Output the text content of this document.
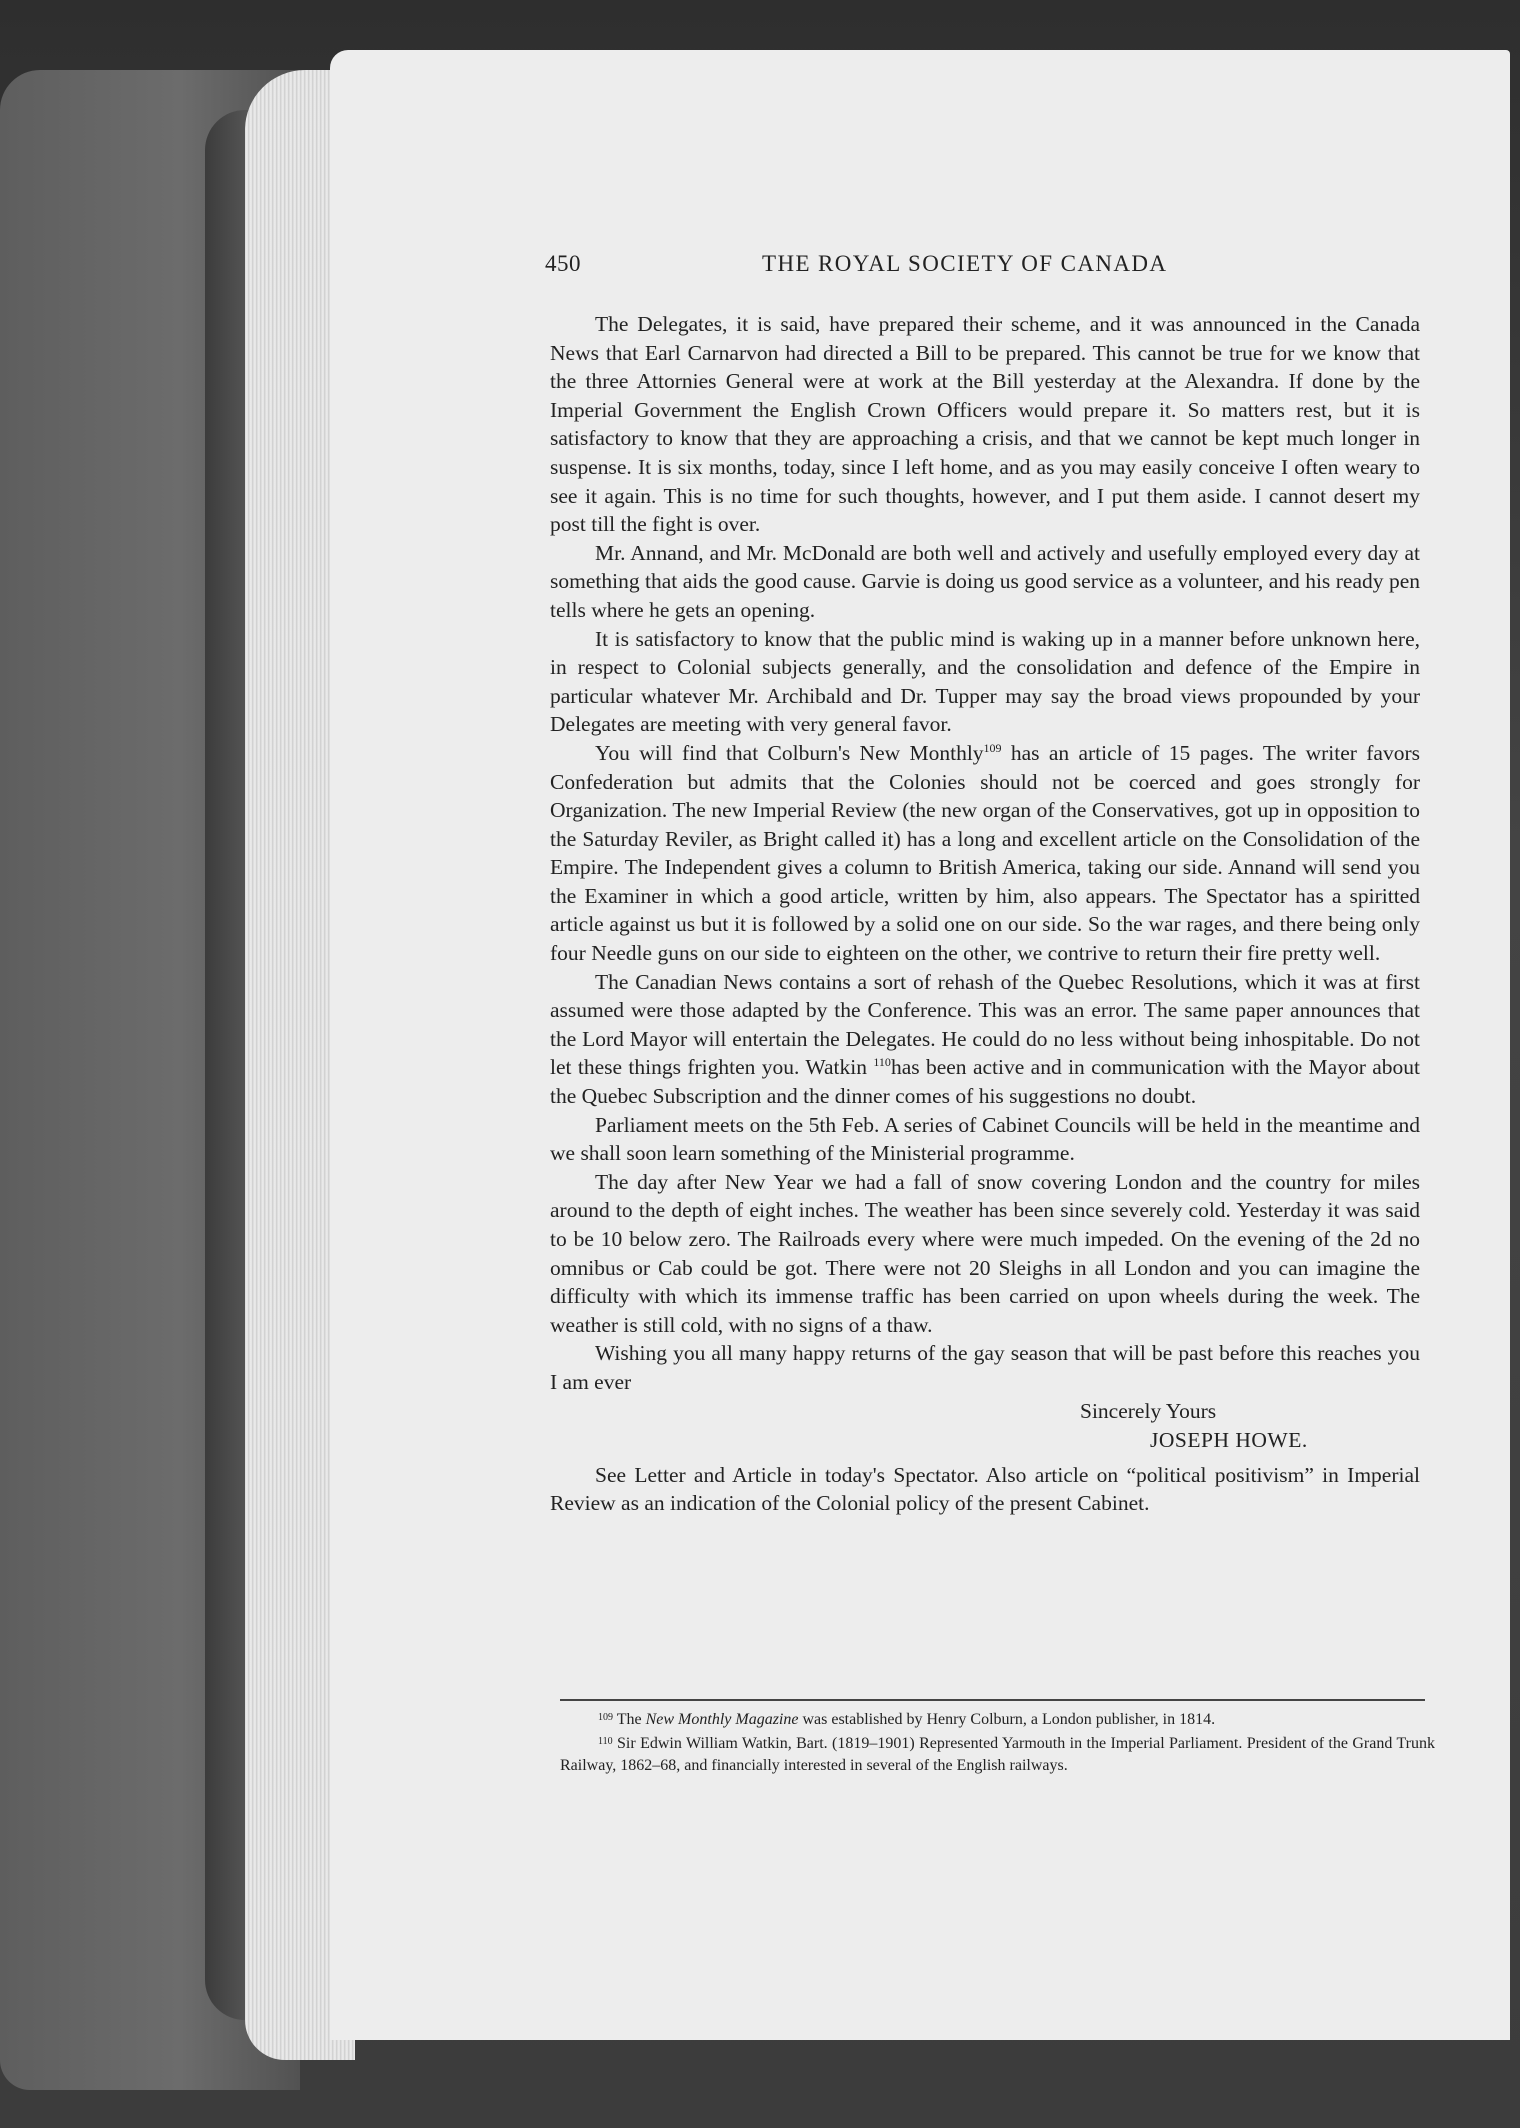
450	THE ROYAL SOCIETY OF CANADA

The Delegates, it is said, have prepared their scheme, and it was announced in the Canada News that Earl Carnarvon had directed a Bill to be prepared. This cannot be true for we know that the three Attornies General were at work at the Bill yesterday at the Alexandra. If done by the Imperial Government the English Crown Officers would prepare it. So matters rest, but it is satisfactory to know that they are approaching a crisis, and that we cannot be kept much longer in suspense. It is six months, today, since I left home, and as you may easily conceive I often weary to see it again. This is no time for such thoughts, however, and I put them aside. I cannot desert my post till the fight is over.

Mr. Annand, and Mr. McDonald are both well and actively and usefully employed every day at something that aids the good cause. Garvie is doing us good service as a volunteer, and his ready pen tells where he gets an opening.

It is satisfactory to know that the public mind is waking up in a manner before unknown here, in respect to Colonial subjects generally, and the consolidation and defence of the Empire in particular whatever Mr. Archibald and Dr. Tupper may say the broad views propounded by your Delegates are meeting with very general favor.

You will find that Colburn's New Monthly$^{109}$ has an article of 15 pages. The writer favors Confederation but admits that the Colonies should not be coerced and goes strongly for Organization. The new Imperial Review (the new organ of the Conservatives, got up in opposition to the Saturday Reviler, as Bright called it) has a long and excellent article on the Consolidation of the Empire. The Independent gives a column to British America, taking our side. Annand will send you the Examiner in which a good article, written by him, also appears. The Spectator has a spiritted article against us but it is followed by a solid one on our side. So the war rages, and there being only four Needle guns on our side to eighteen on the other, we contrive to return their fire pretty well.

The Canadian News contains a sort of rehash of the Quebec Resolutions, which it was at first assumed were those adapted by the Conference. This was an error. The same paper announces that the Lord Mayor will entertain the Delegates. He could do no less without being inhospitable. Do not let these things frighten you. Watkin $^{110}$has been active and in communication with the Mayor about the Quebec Subscription and the dinner comes of his suggestions no doubt.

Parliament meets on the 5th Feb. A series of Cabinet Councils will be held in the meantime and we shall soon learn something of the Ministerial programme.

The day after New Year we had a fall of snow covering London and the country for miles around to the depth of eight inches. The weather has been since severely cold. Yesterday it was said to be 10 below zero. The Railroads every where were much impeded. On the evening of the 2d no omnibus or Cab could be got. There were not 20 Sleighs in all London and you can imagine the difficulty with which its immense traffic has been carried on upon wheels during the week. The weather is still cold, with no signs of a thaw.

Wishing you all many happy returns of the gay season that will be past before this reaches you I am ever

Sincerely Yours
JOSEPH HOWE.

See Letter and Article in today's Spectator. Also article on “political positivism” in Imperial Review as an indication of the Colonial policy of the present Cabinet.

$^{109}$ The New Monthly Magazine was established by Henry Colburn, a London publisher, in 1814.

$^{110}$ Sir Edwin William Watkin, Bart. (1819–1901) Represented Yarmouth in the Imperial Parliament. President of the Grand Trunk Railway, 1862–68, and financially interested in several of the English railways.
